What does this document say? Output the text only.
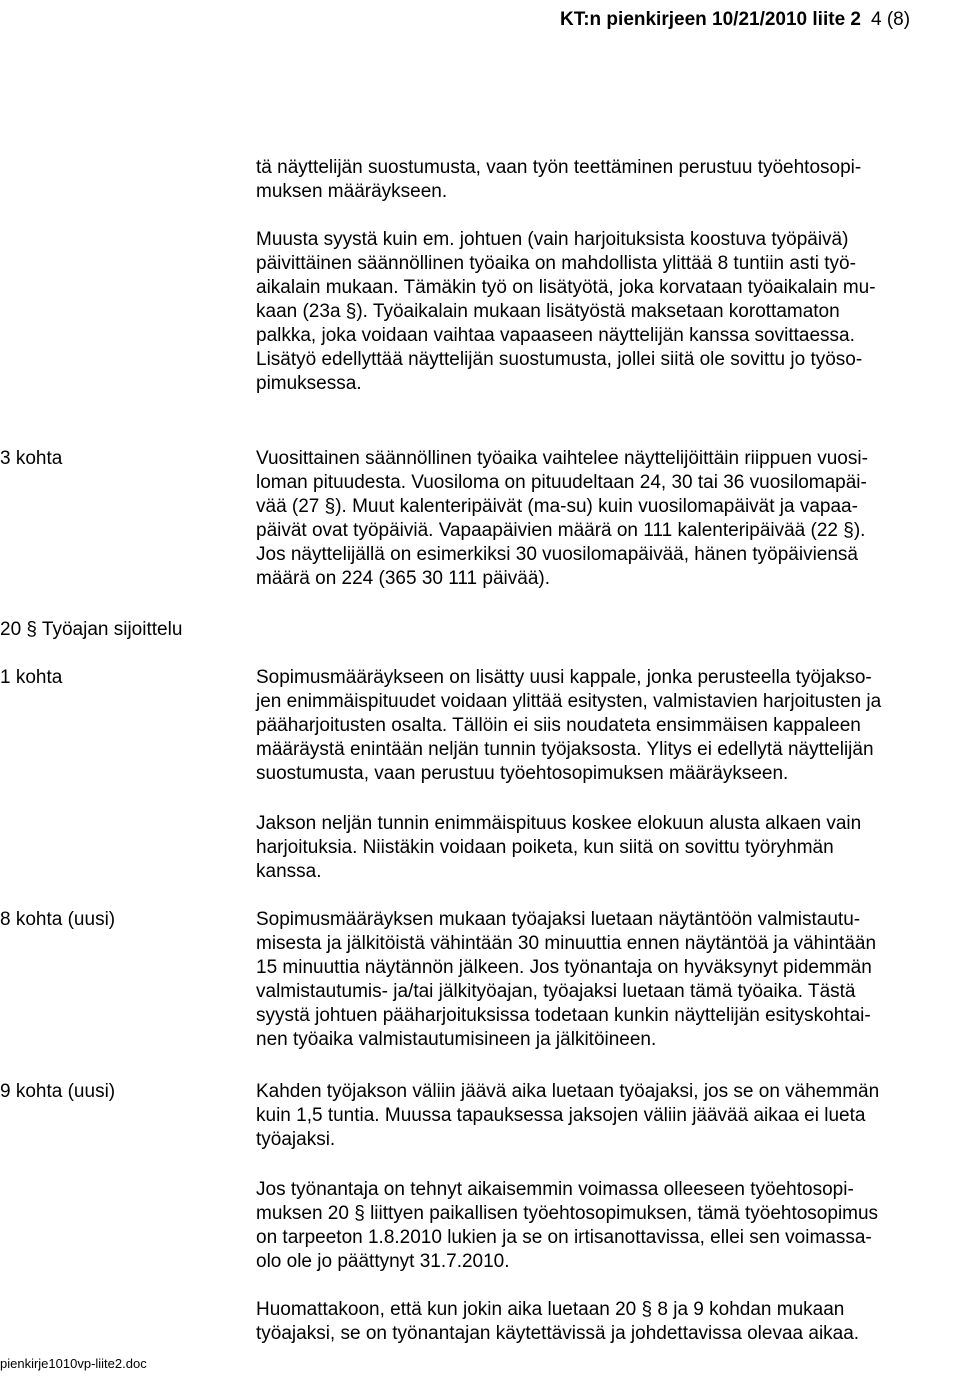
KT:n pienkirjeen 10/21/2010 liite 2 4 (8)
tä näyttelijän suostumusta, vaan työn teettäminen perustuu työehtosopi-
muksen määräykseen.
Muusta syystä kuin em. johtuen (vain harjoituksista koostuva työpäivä)
päivittäinen säännöllinen työaika on mahdollista ylittää 8 tuntiin asti työ-
aikalain mukaan. Tämäkin työ on lisätyötä, joka korvataan työaikalain mu-
kaan (23a §). Työaikalain mukaan lisätyöstä maksetaan korottamaton
palkka, joka voidaan vaihtaa vapaaseen näyttelijän kanssa sovittaessa.
Lisätyö edellyttää näyttelijän suostumusta, jollei siitä ole sovittu jo työso-
pimuksessa.
3 kohta	Vuosittainen säännöllinen työaika vaihtelee näyttelijöittäin riippuen vuosi-
loman pituudesta. Vuosiloma on pituudeltaan 24, 30 tai 36 vuosilomapäi-
vää (27 §). Muut kalenteripäivät (ma-su) kuin vuosilomapäivät ja vapaa-
päivät ovat työpäiviä. Vapaapäivien määrä on 111 kalenteripäivää (22 §).
Jos näyttelijällä on esimerkiksi 30 vuosilomapäivää, hänen työpäiviensä
määrä on 224 (365 30 111 päivää).
20 § Työajan sijoittelu
1 kohta	Sopimusmääräykseen on lisätty uusi kappale, jonka perusteella työjakso-
jen enimmäispituudet voidaan ylittää esitysten, valmistavien harjoitusten ja
pääharjoitusten osalta. Tällöin ei siis noudateta ensimmäisen kappaleen
määräystä enintään neljän tunnin työjaksosta. Ylitys ei edellytä näyttelijän
suostumusta, vaan perustuu työehtosopimuksen määräykseen.
Jakson neljän tunnin enimmäispituus koskee elokuun alusta alkaen vain
harjoituksia. Niistäkin voidaan poiketa, kun siitä on sovittu työryhmän
kanssa.
8 kohta (uusi)	Sopimusmääräyksen mukaan työajaksi luetaan näytäntöön valmistautu-
misesta ja jälkitöistä vähintään 30 minuuttia ennen näytäntöä ja vähintään
15 minuuttia näytännön jälkeen. Jos työnantaja on hyväksynyt pidemmän
valmistautumis- ja/tai jälkityöajan, työajaksi luetaan tämä työaika. Tästä
syystä johtuen pääharjoituksissa todetaan kunkin näyttelijän esityskohtai-
nen työaika valmistautumisineen ja jälkitöineen.
9 kohta (uusi)	Kahden työjakson väliin jäävä aika luetaan työajaksi, jos se on vähemmän
kuin 1,5 tuntia. Muussa tapauksessa jaksojen väliin jäävää aikaa ei lueta
työajaksi.
Jos työnantaja on tehnyt aikaisemmin voimassa olleeseen työehtosopi-
muksen 20 § liittyen paikallisen työehtosopimuksen, tämä työehtosopimus
on tarpeeton 1.8.2010 lukien ja se on irtisanottavissa, ellei sen voimassa-
olo ole jo päättynyt 31.7.2010.
Huomattakoon, että kun jokin aika luetaan 20 § 8 ja 9 kohdan mukaan
työajaksi, se on työnantajan käytettävissä ja johdettavissa olevaa aikaa.
pienkirje1010vp-liite2.doc
